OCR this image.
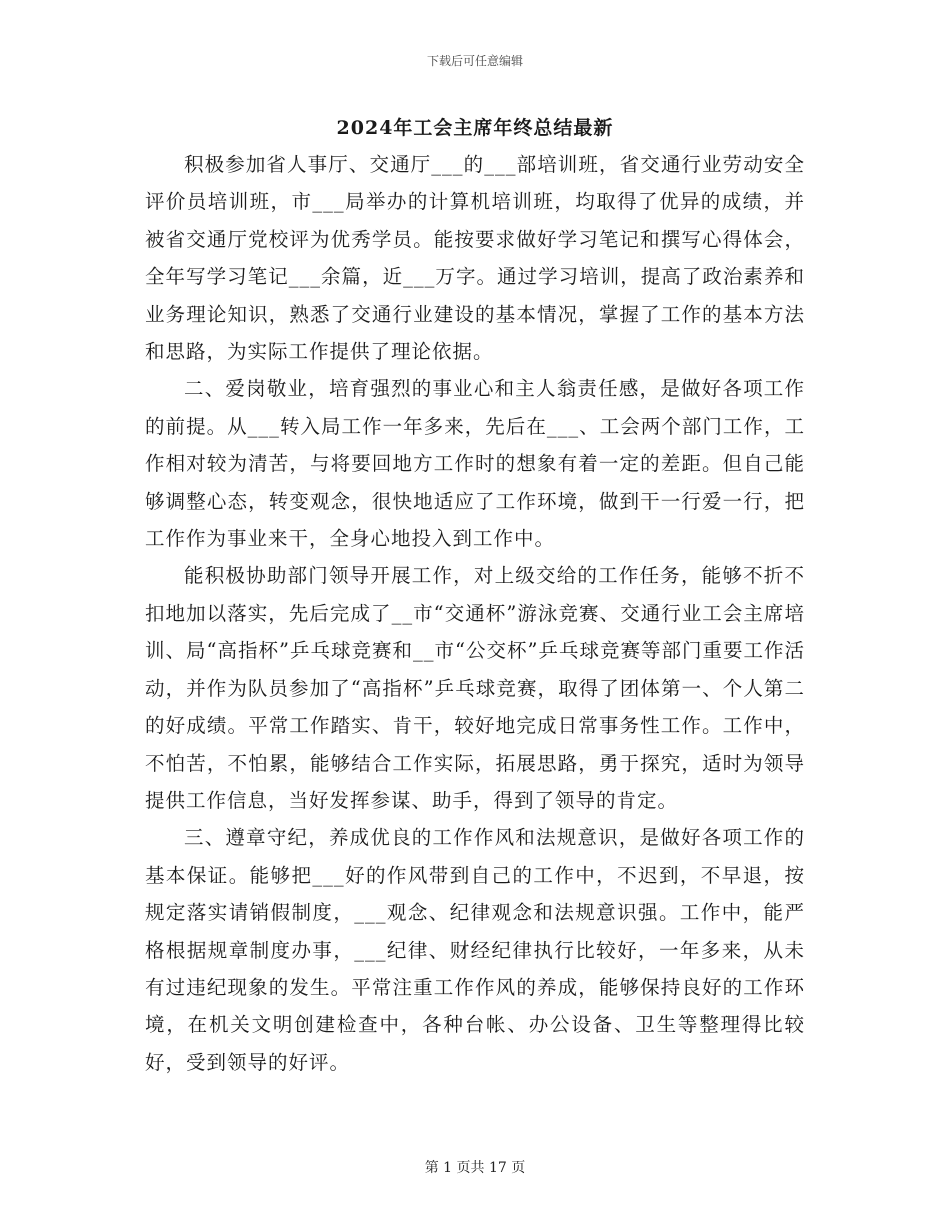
下载后可任意编辑
2024年工会主席年终总结最新

积极参加省人事厅、交通厅___的___部培训班，省交通行业劳动安全评价员培训班，市___局举办的计算机培训班，均取得了优异的成绩，并被省交通厅党校评为优秀学员。能按要求做好学习笔记和撰写心得体会，全年写学习笔记___余篇，近___万字。通过学习培训，提高了政治素养和业务理论知识，熟悉了交通行业建设的基本情况，掌握了工作的基本方法和思路，为实际工作提供了理论依据。

二、爱岗敬业，培育强烈的事业心和主人翁责任感，是做好各项工作的前提。从___转入局工作一年多来，先后在___、工会两个部门工作，工作相对较为清苦，与将要回地方工作时的想象有着一定的差距。但自己能够调整心态，转变观念，很快地适应了工作环境，做到干一行爱一行，把工作作为事业来干，全身心地投入到工作中。

能积极协助部门领导开展工作，对上级交给的工作任务，能够不折不扣地加以落实，先后完成了__市“交通杯”游泳竞赛、交通行业工会主席培训、局“高指杯”乒乓球竞赛和__市“公交杯”乒乓球竞赛等部门重要工作活动，并作为队员参加了“高指杯”乒乓球竞赛，取得了团体第一、个人第二的好成绩。平常工作踏实、肯干，较好地完成日常事务性工作。工作中，不怕苦，不怕累，能够结合工作实际，拓展思路，勇于探究，适时为领导提供工作信息，当好发挥参谋、助手，得到了领导的肯定。

三、遵章守纪，养成优良的工作作风和法规意识，是做好各项工作的基本保证。能够把___好的作风带到自己的工作中，不迟到，不早退，按规定落实请销假制度，___观念、纪律观念和法规意识强。工作中，能严格根据规章制度办事，___纪律、财经纪律执行比较好，一年多来，从未有过违纪现象的发生。平常注重工作作风的养成，能够保持良好的工作环境，在机关文明创建检查中，各种台帐、办公设备、卫生等整理得比较好，受到领导的好评。

第 1 页共 17 页
